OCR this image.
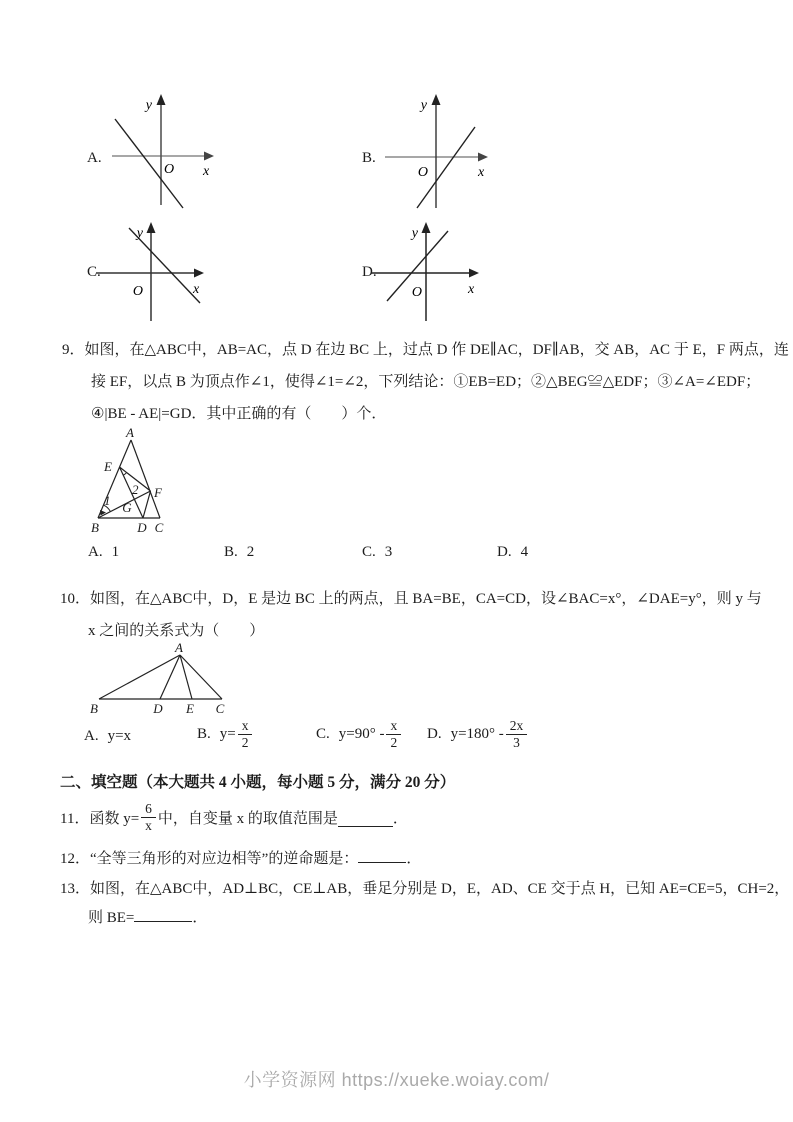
A.
y
x
O
B.
y
x
O
C.
y
x
O
D.
y
x
O
9．如图，在△ABC中，AB=AC，点 D 在边 BC 上，过点 D 作 DE∥AC，DF∥AB，交 AB，AC 于 E，F 两点，连
接 EF，以点 B 为顶点作∠1，使得∠1=∠2，下列结论：①EB=ED；②△BEG≌△EDF；③∠A=∠EDF；
④|BE - AE|=GD．其中正确的有（　　）个．
A
E
2 F
1 G
B	D C
A. 1	B. 2	C. 3	D. 4
10．如图，在△ABC中，D，E 是边 BC 上的两点，且 BA=BE，CA=CD，设∠BAC=x°，∠DAE=y°，则 y 与
x 之间的关系式为（　　）
A
B	D E C
A. y=x	B. $y= \frac{x}{2}$	C. $y=90^\circ - \frac{x}{2} D$. $y=180^\circ - \frac{2x}{3}$
二、填空题（本大题共 4 小题，每小题 5 分，满分 20 分）
11．函数 $y= \frac{6}{x}$ 中，自变量 x 的取值范围是	．
12．“全等三角形的对应边相等”的逆命题是：	．
13．如图，在△ABC中，AD⊥BC，CE⊥AB，垂足分别是 D，E，AD、CE 交于点 H，已知 AE=CE=5，CH=2，
则 BE=	．
小学资源网 https://xueke.woiay.com/
